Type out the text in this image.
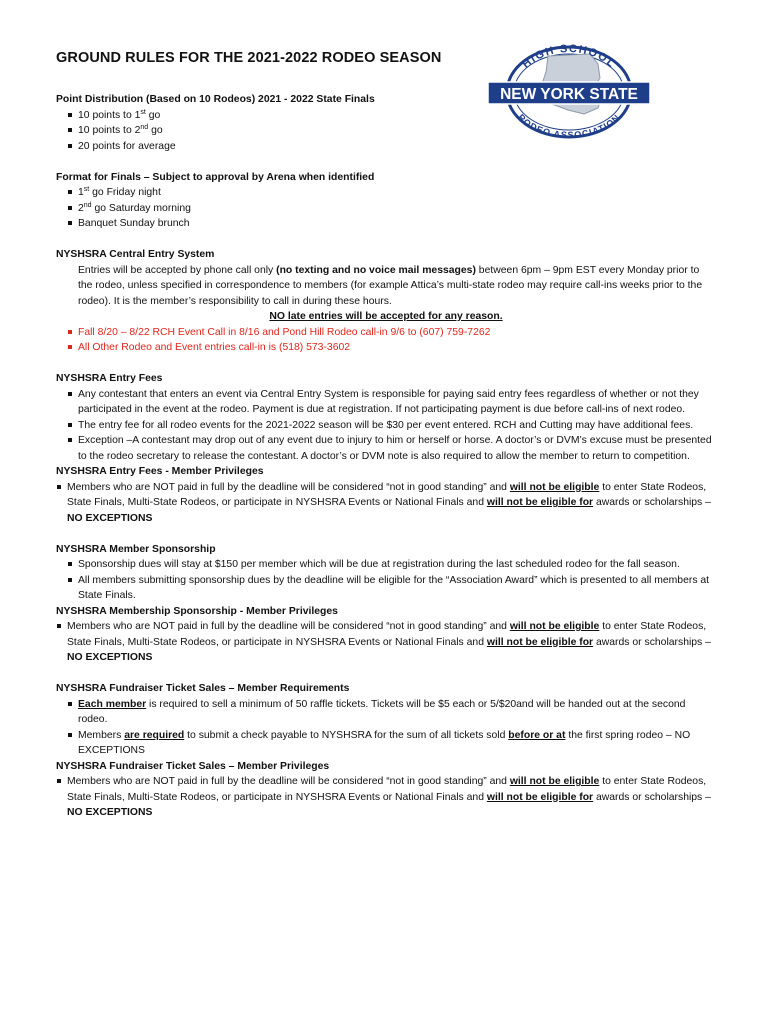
GROUND RULES FOR THE 2021-2022 RODEO SEASON	HIGH SCHOOL
NEW YORK STATE
RODEO ASSOCIATION

Point Distribution (Based on 10 Rodeos) 2021 - 2022 State Finals

10 points to 1st go
10 points to 2nd go
20 points for average

Format for Finals – Subject to approval by Arena when identified

1st go Friday night
2nd go Saturday morning
Banquet Sunday brunch

NYSHSRA Central Entry System

Entries will be accepted by phone call only (no texting and no voice mail messages) between 6pm – 9pm EST every Monday prior to the rodeo, unless specified in correspondence to members (for example Attica’s multi-state rodeo may require call-ins weeks prior to the rodeo). It is the member’s responsibility to call in during these hours.

NO late entries will be accepted for any reason.

Fall 8/20 – 8/22 RCH Event Call in 8/16 and Pond Hill Rodeo call-in 9/6 to (607) 759-7262
All Other Rodeo and Event entries call-in is (518) 573-3602

NYSHSRA Entry Fees

Any contestant that enters an event via Central Entry System is responsible for paying said entry fees regardless of whether or not they participated in the event at the rodeo. Payment is due at registration. If not participating payment is due before call-ins of next rodeo.
The entry fee for all rodeo events for the 2021-2022 season will be $30 per event entered. RCH and Cutting may have additional fees.
Exception –A contestant may drop out of any event due to injury to him or herself or horse. A doctor’s or DVM’s excuse must be presented to the rodeo secretary to release the contestant. A doctor’s or DVM note is also required to allow the member to return to competition.

NYSHSRA Entry Fees - Member Privileges

Members who are NOT paid in full by the deadline will be considered “not in good standing” and will not be eligible to enter State Rodeos, State Finals, Multi-State Rodeos, or participate in NYSHSRA Events or National Finals and will not be eligible for awards or scholarships – NO EXCEPTIONS

NYSHSRA Member Sponsorship

Sponsorship dues will stay at $150 per member which will be due at registration during the last scheduled rodeo for the fall season.
All members submitting sponsorship dues by the deadline will be eligible for the “Association Award” which is presented to all members at State Finals.

NYSHSRA Membership Sponsorship - Member Privileges

Members who are NOT paid in full by the deadline will be considered “not in good standing” and will not be eligible to enter State Rodeos, State Finals, Multi-State Rodeos, or participate in NYSHSRA Events or National Finals and will not be eligible for awards or scholarships – NO EXCEPTIONS

NYSHSRA Fundraiser Ticket Sales – Member Requirements

Each member is required to sell a minimum of 50 raffle tickets. Tickets will be $5 each or 5/$20and will be handed out at the second rodeo.
Members are required to submit a check payable to NYSHSRA for the sum of all tickets sold before or at the first spring rodeo – NO EXCEPTIONS

NYSHSRA Fundraiser Ticket Sales – Member Privileges

Members who are NOT paid in full by the deadline will be considered “not in good standing” and will not be eligible to enter State Rodeos, State Finals, Multi-State Rodeos, or participate in NYSHSRA Events or National Finals and will not be eligible for awards or scholarships – NO EXCEPTIONS
